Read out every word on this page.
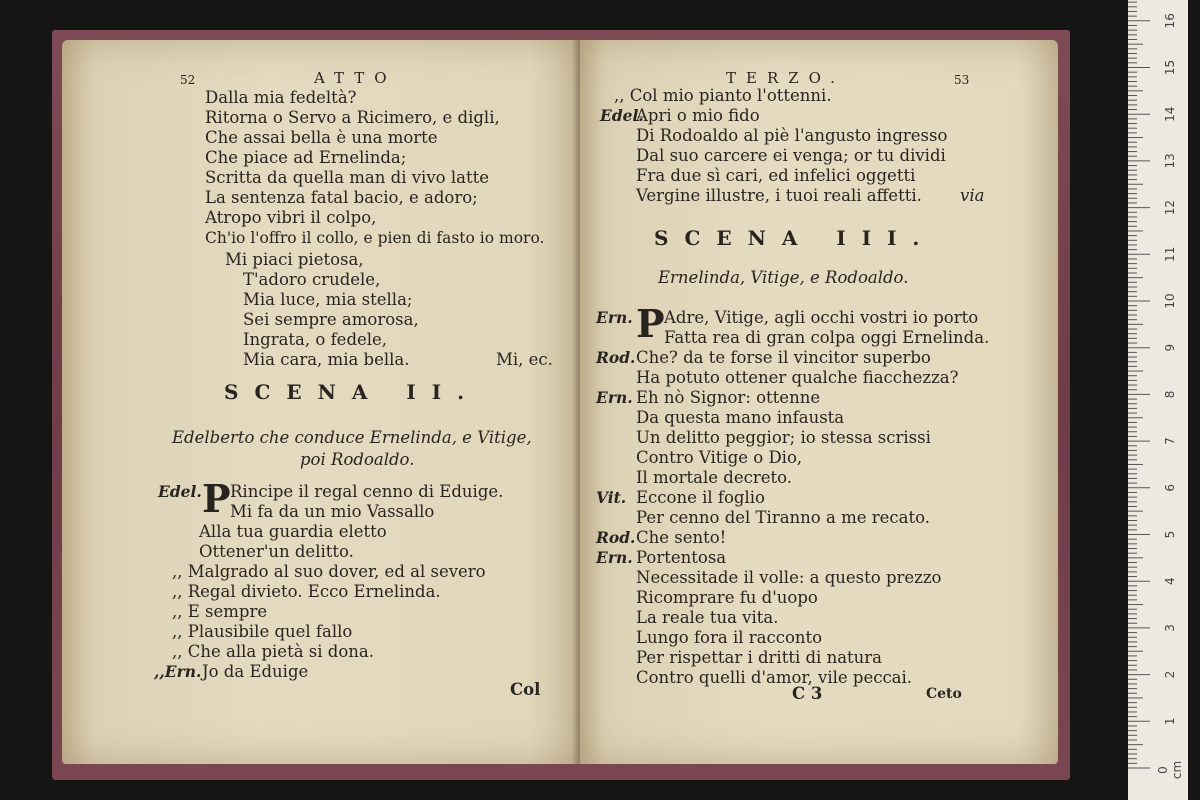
52	ATTO
Dalla mia fedeltà?
Ritorna o Servo a Ricimero, e digli,
Che assai bella è una morte
Che piace ad Ernelinda;
Scritta da quella man di vivo latte
La sentenza fatal bacio, e adoro;
Atropo vibri il colpo,
Ch'io l'offro il collo, e pien di fasto io moro.
Mi piaci pietosa,
T'adoro crudele,
Mia luce, mia stella;
Sei sempre amorosa,
Ingrata, o fedele,
Mia cara, mia bella.	Mi, ec.
SCENA II.
Edelberto che conduce Ernelinda, e Vitige,
poi Rodoaldo.
Edel. P Rincipe il regal cenno di Eduige.
Mi fa da un mio Vassallo
Alla tua guardia eletto
Ottener'un delitto.
,, Malgrado al suo dover, ed al severo
,, Regal divieto. Ecco Ernelinda.
,, E sempre
,, Plausibile quel fallo
,, Che alla pietà si dona.
,,Ern. Jo da Eduige
Col
TERZO.	53
,, Col mio pianto l'ottenni.
Edel.
Apri o mio fido
Di Rodoaldo al piè l'angusto ingresso
Dal suo carcere ei venga; or tu dividi
Fra due sì cari, ed infelici oggetti
Vergine illustre, i tuoi reali affetti. via
SCENA III.
Ernelinda, Vitige, e Rodoaldo.
Ern. P Adre, Vitige, agli occhi vostri io porto
Fatta rea di gran colpa oggi Ernelinda.
Rod. Che? da te forse il vincitor superbo
Ha potuto ottener qualche fiacchezza?
Ern. Eh nò Signor: ottenne
Da questa mano infausta
Un delitto peggior; io stessa scrissi
Contro Vitige o Dio,
Il mortale decreto.
Vit. Eccone il foglio
Per cenno del Tiranno a me recato.
Rod. Che sento!
Ern. Portentosa
Necessitade il volle: a questo prezzo
Ricomprare fu d'uopo
La reale tua vita.
Lungo fora il racconto
Per rispettar i dritti di natura
Contro quelli d'amor, vile peccai.
C 3	Ceto
1
2
3
4
5
6
7
8
9
10
11
12
13
14
15
16
0 cm
